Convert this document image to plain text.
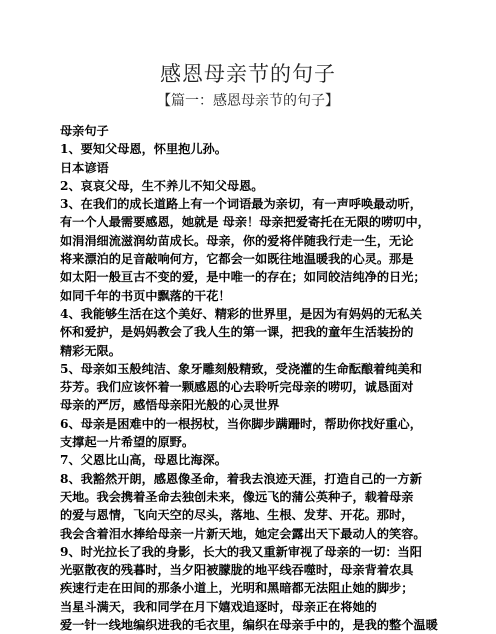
感恩母亲节的句子
【篇一：感恩母亲节的句子】
母亲句子
1、要知父母恩，怀里抱儿孙。
日本谚语
2、哀哀父母，生不养儿不知父母恩。
3、在我们的成长道路上有一个词语最为亲切，有一声呼唤最动听，
有一个人最需要感恩，她就是 母亲！母亲把爱寄托在无限的唠叨中，
如涓涓细流滋润幼苗成长。母亲，你的爱将伴随我行走一生，无论
将来漂泊的足音敲响何方，它都会一如既往地温暖我的心灵。那是
如太阳一般亘古不变的爱，是中唯一的存在；如同皎洁纯净的日光；
如同千年的书页中飘落的干花！
4、我能够生活在这个美好、精彩的世界里，是因为有妈妈的无私关
怀和爱护，是妈妈教会了我人生的第一课，把我的童年生活装扮的
精彩无限。
5、母亲如玉般纯洁、象牙雕刻般精致，受浇灌的生命酝酿着纯美和
芬芳。我们应该怀着一颗感恩的心去聆听完母亲的唠叨，诚恳面对
母亲的严厉，感悟母亲阳光般的心灵世界
6、母亲是困难中的一根拐杖，当你脚步蹒跚时，帮助你找好重心，
支撑起一片希望的原野。
7、父恩比山高，母恩比海深。
8、我豁然开朗，感恩像圣命，着我去浪迹天涯，打造自己的一方新
天地。我会携着圣命去独创未来，像远飞的蒲公英种子，载着母亲
的爱与恩情，飞向天空的尽头，落地、生根、发芽、开花。那时，
我会含着泪水捧给母亲一片新天地，她定会露出天下最动人的笑容。
9、时光拉长了我的身影，长大的我又重新审视了母亲的一切：当阳
光驱散夜的残暮时，当夕阳被朦胧的地平线吞噬时，母亲背着农具
疾速行走在田间的那条小道上，光明和黑暗都无法阻止她的脚步；
当星斗满天，我和同学在月下嬉戏追逐时，母亲正在将她的
爱一针一线地编织进我的毛衣里，编织在母亲手中的，是我的整个温暖
